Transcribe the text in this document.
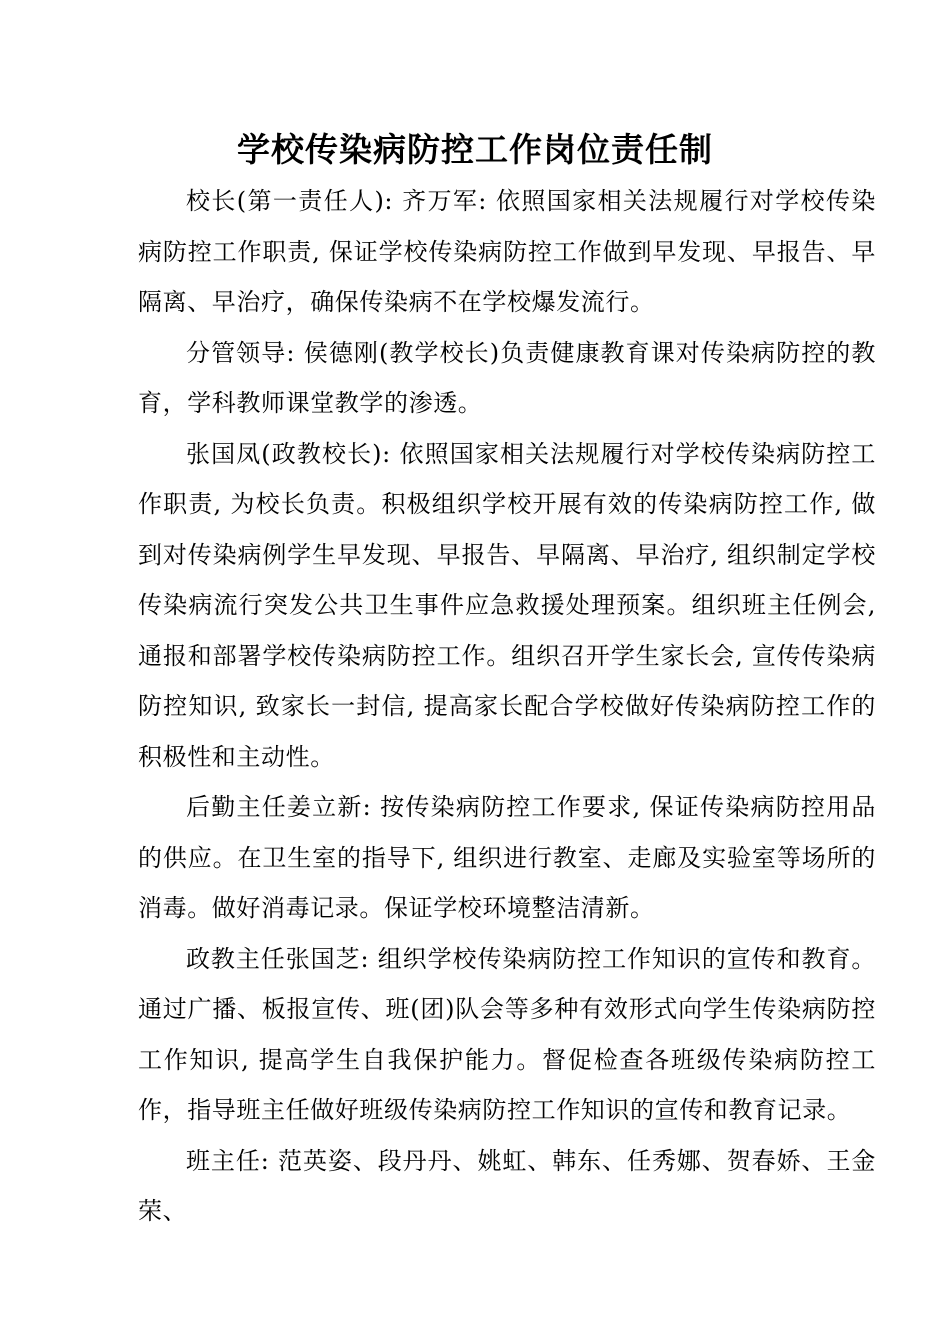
学校传染病防控工作岗位责任制

校长(第一责任人): 齐万军: 依照国家相关法规履行对学校传染病防控工作职责, 保证学校传染病防控工作做到早发现、早报告、早隔离、早治疗，确保传染病不在学校爆发流行。

分管领导: 侯德刚(教学校长)负责健康教育课对传染病防控的教育，学科教师课堂教学的渗透。

张国凤(政教校长): 依照国家相关法规履行对学校传染病防控工作职责, 为校长负责。积极组织学校开展有效的传染病防控工作, 做到对传染病例学生早发现、早报告、早隔离、早治疗, 组织制定学校传染病流行突发公共卫生事件应急救援处理预案。组织班主任例会, 通报和部署学校传染病防控工作。组织召开学生家长会, 宣传传染病防控知识, 致家长一封信, 提高家长配合学校做好传染病防控工作的积极性和主动性。

后勤主任姜立新: 按传染病防控工作要求, 保证传染病防控用品的供应。在卫生室的指导下, 组织进行教室、走廊及实验室等场所的消毒。做好消毒记录。保证学校环境整洁清新。

政教主任张国芝: 组织学校传染病防控工作知识的宣传和教育。通过广播、板报宣传、班(团)队会等多种有效形式向学生传染病防控工作知识, 提高学生自我保护能力。督促检查各班级传染病防控工作，指导班主任做好班级传染病防控工作知识的宣传和教育记录。

班主任: 范英姿、段丹丹、姚虹、韩东、任秀娜、贺春娇、王金荣、
